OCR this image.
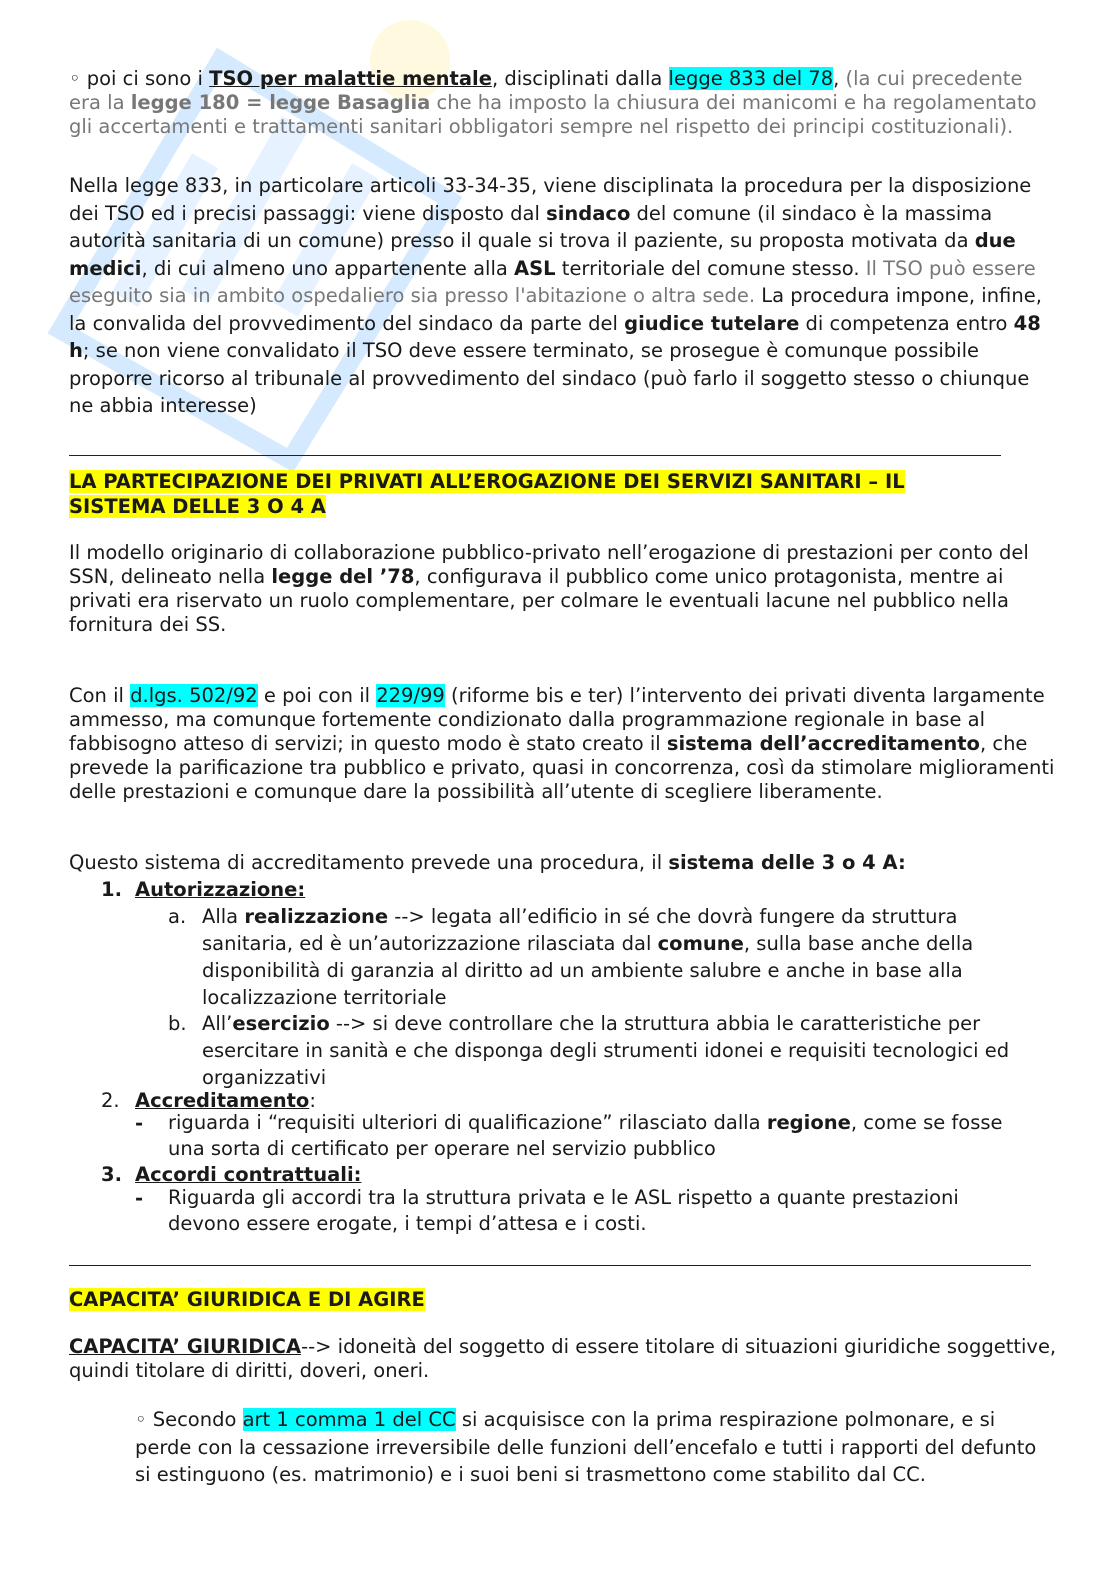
◦ poi ci sono i TSO per malattie mentale, disciplinati dalla legge 833 del 78, (la cui precedente era la legge 180 = legge Basaglia che ha imposto la chiusura dei manicomi e ha regolamentato gli accertamenti e trattamenti sanitari obbligatori sempre nel rispetto dei principi costituzionali).
Nella legge 833, in particolare articoli 33-34-35, viene disciplinata la procedura per la disposizione dei TSO ed i precisi passaggi: viene disposto dal sindaco del comune (il sindaco è la massima autorità sanitaria di un comune) presso il quale si trova il paziente, su proposta motivata da due medici, di cui almeno uno appartenente alla ASL territoriale del comune stesso. Il TSO può essere eseguito sia in ambito ospedaliero sia presso l'abitazione o altra sede. La procedura impone, infine, la convalida del provvedimento del sindaco da parte del giudice tutelare di competenza entro 48 h; se non viene convalidato il TSO deve essere terminato, se prosegue è comunque possibile proporre ricorso al tribunale al provvedimento del sindaco (può farlo il soggetto stesso o chiunque ne abbia interesse)
LA PARTECIPAZIONE DEI PRIVATI ALL’EROGAZIONE DEI SERVIZI SANITARI – IL
SISTEMA DELLE 3 O 4 A
Il modello originario di collaborazione pubblico-privato nell’erogazione di prestazioni per conto del SSN, delineato nella legge del ’78, configurava il pubblico come unico protagonista, mentre ai privati era riservato un ruolo complementare, per colmare le eventuali lacune nel pubblico nella fornitura dei SS.
Con il d.lgs. 502/92 e poi con il 229/99 (riforme bis e ter) l’intervento dei privati diventa largamente ammesso, ma comunque fortemente condizionato dalla programmazione regionale in base al fabbisogno atteso di servizi; in questo modo è stato creato il sistema dell’accreditamento, che prevede la parificazione tra pubblico e privato, quasi in concorrenza, così da stimolare miglioramenti delle prestazioni e comunque dare la possibilità all’utente di scegliere liberamente.
Questo sistema di accreditamento prevede una procedura, il sistema delle 3 o 4 A:
1. Autorizzazione:
a. Alla realizzazione --> legata all’edificio in sé che dovrà fungere da struttura sanitaria, ed è un’autorizzazione rilasciata dal comune, sulla base anche della disponibilità di garanzia al diritto ad un ambiente salubre e anche in base alla localizzazione territoriale
b. All’esercizio --> si deve controllare che la struttura abbia le caratteristiche per esercitare in sanità e che disponga degli strumenti idonei e requisiti tecnologici ed organizzativi
2. Accreditamento:
- riguarda i “requisiti ulteriori di qualificazione” rilasciato dalla regione, come se fosse una sorta di certificato per operare nel servizio pubblico
3. Accordi contrattuali:
- Riguarda gli accordi tra la struttura privata e le ASL rispetto a quante prestazioni devono essere erogate, i tempi d’attesa e i costi.
CAPACITA’ GIURIDICA E DI AGIRE
CAPACITA’ GIURIDICA--> idoneità del soggetto di essere titolare di situazioni giuridiche soggettive, quindi titolare di diritti, doveri, oneri.
◦ Secondo art 1 comma 1 del CC si acquisisce con la prima respirazione polmonare, e si perde con la cessazione irreversibile delle funzioni dell’encefalo e tutti i rapporti del defunto si estinguono (es. matrimonio) e i suoi beni si trasmettono come stabilito dal CC.
